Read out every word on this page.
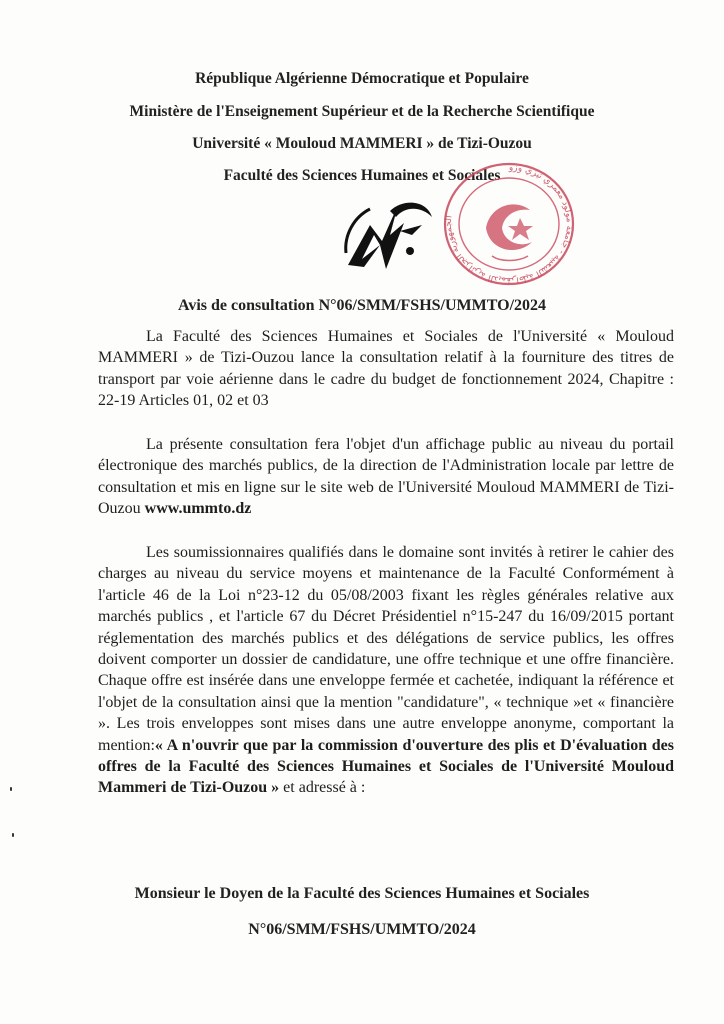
République Algérienne Démocratique et Populaire
Ministère de l'Enseignement Supérieur et de la Recherche Scientifique
Université « Mouloud MAMMERI » de Tizi-Ouzou
Faculté des Sciences Humaines et Sociales الجمهورية الجزائرية الديمقراطية الشعبية - جامعة مولود معمري تيزي وزو
Avis de consultation N°06/SMM/FSHS/UMMTO/2024

La Faculté des Sciences Humaines et Sociales de l'Université « Mouloud MAMMERI » de Tizi-Ouzou lance la consultation relatif à la fourniture des titres de transport par voie aérienne dans le cadre du budget de fonctionnement 2024, Chapitre : 22-19 Articles 01, 02 et 03

La présente consultation fera l'objet d'un affichage public au niveau du portail électronique des marchés publics, de la direction de l'Administration locale par lettre de consultation et mis en ligne sur le site web de l'Université Mouloud MAMMERI de Tizi-Ouzou www.ummto.dz

Les soumissionnaires qualifiés dans le domaine sont invités à retirer le cahier des charges au niveau du service moyens et maintenance de la Faculté Conformément à l'article 46 de la Loi n°23-12 du 05/08/2003 fixant les règles générales relative aux marchés publics , et l'article 67 du Décret Présidentiel n°15-247 du 16/09/2015 portant réglementation des marchés publics et des délégations de service publics, les offres doivent comporter un dossier de candidature, une offre technique et une offre financière. Chaque offre est insérée dans une enveloppe fermée et cachetée, indiquant la référence et l'objet de la consultation ainsi que la mention "candidature", « technique »et « financière ». Les trois enveloppes sont mises dans une autre enveloppe anonyme, comportant la mention:« A n'ouvrir que par la commission d'ouverture des plis et D'évaluation des offres de la Faculté des Sciences Humaines et Sociales de l'Université Mouloud Mammeri de Tizi-Ouzou » et adressé à :

Monsieur le Doyen de la Faculté des Sciences Humaines et Sociales
N°06/SMM/FSHS/UMMTO/2024
